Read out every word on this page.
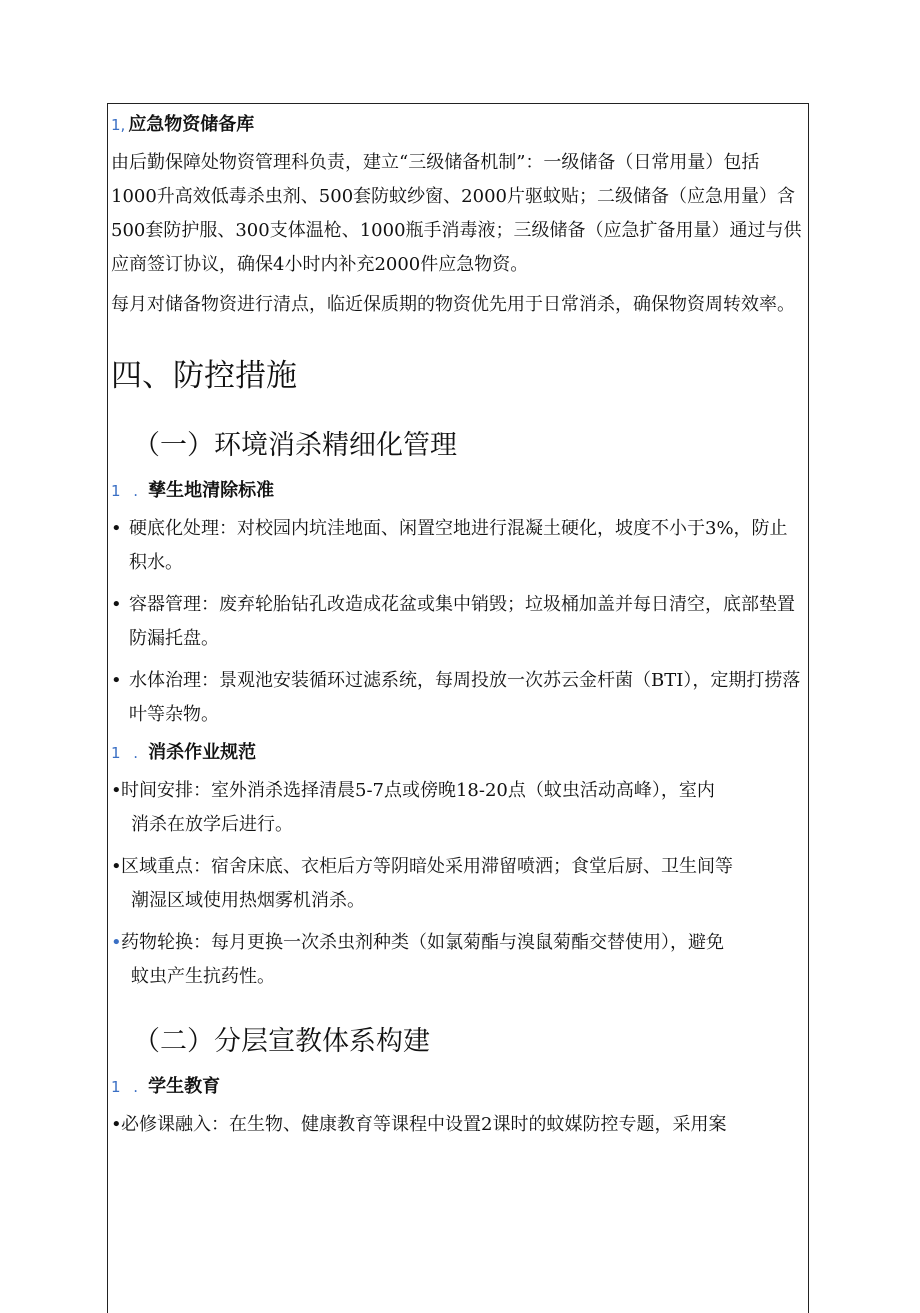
1, 应急物资储备库

由后勤保障处物资管理科负责，建立“三级储备机制”：一级储备（日常用量）包括1000升高效低毒杀虫剂、500套防蚊纱窗、2000片驱蚊贴；二级储备（应急用量）含500套防护服、300支体温枪、1000瓶手消毒液；三级储备（应急扩备用量）通过与供应商签订协议，确保4小时内补充2000件应急物资。

每月对储备物资进行清点，临近保质期的物资优先用于日常消杀，确保物资周转效率。

四、防控措施
（一）环境消杀精细化管理
1 . 孳生地清除标准
• 硬底化处理：对校园内坑洼地面、闲置空地进行混凝土硬化，坡度不小于3%，防止积水。
• 容器管理：废弃轮胎钻孔改造成花盆或集中销毁；垃圾桶加盖并每日清空，底部垫置防漏托盘。
• 水体治理：景观池安装循环过滤系统，每周投放一次苏云金杆菌（BTI），定期打捞落叶等杂物。
1 . 消杀作业规范
• 时间安排：室外消杀选择清晨5-7点或傍晚18-20点（蚊虫活动高峰），室内
消杀在放学后进行。
• 区域重点：宿舍床底、衣柜后方等阴暗处采用滞留喷洒；食堂后厨、卫生间等
潮湿区域使用热烟雾机消杀。
• 药物轮换：每月更换一次杀虫剂种类（如氯菊酯与溴鼠菊酯交替使用），避免
蚊虫产生抗药性。
（二）分层宣教体系构建
1 . 学生教育
• 必修课融入：在生物、健康教育等课程中设置2课时的蚊媒防控专题，采用案
